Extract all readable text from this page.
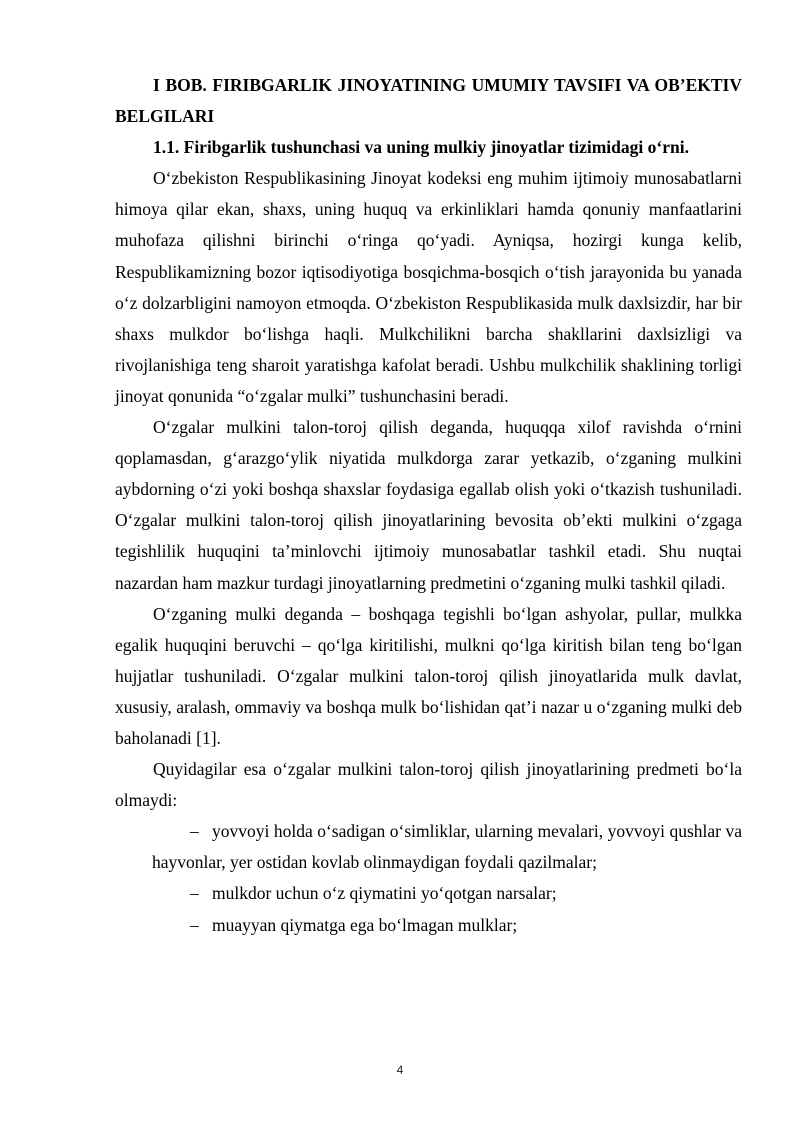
I BOB. FIRIBGARLIK JINOYATINING UMUMIY TAVSIFI VA OB’EKTIV BELGILARI

1.1. Firibgarlik tushunchasi va uning mulkiy jinoyatlar tizimidagi o‘rni.

O‘zbekiston Respublikasining Jinoyat kodeksi eng muhim ijtimoiy munosabatlarni himoya qilar ekan, shaxs, uning huquq va erkinliklari hamda qonuniy manfaatlarini muhofaza qilishni birinchi o‘ringa qo‘yadi. Ayniqsa, hozirgi kunga kelib, Respublikamizning bozor iqtisodiyotiga bosqichma-bosqich o‘tish jarayonida bu yanada o‘z dolzarbligini namoyon etmoqda. O‘zbekiston Respublikasida mulk daxlsizdir, har bir shaxs mulkdor bo‘lishga haqli. Mulkchilikni barcha shakllarini daxlsizligi va rivojlanishiga teng sharoit yaratishga kafolat beradi. Ushbu mulkchilik shaklining torligi jinoyat qonunida “o‘zgalar mulki” tushunchasini beradi.

O‘zgalar mulkini talon-toroj qilish deganda, huquqqa xilof ravishda o‘rnini qoplamasdan, g‘arazgo‘ylik niyatida mulkdorga zarar yetkazib, o‘zganing mulkini aybdorning o‘zi yoki boshqa shaxslar foydasiga egallab olish yoki o‘tkazish tushuniladi. O‘zgalar mulkini talon-toroj qilish jinoyatlarining bevosita ob’ekti mulkini o‘zgaga tegishlilik huquqini ta’minlovchi ijtimoiy munosabatlar tashkil etadi. Shu nuqtai nazardan ham mazkur turdagi jinoyatlarning predmetini o‘zganing mulki tashkil qiladi.

O‘zganing mulki deganda – boshqaga tegishli bo‘lgan ashyolar, pullar, mulkka egalik huquqini beruvchi – qo‘lga kiritilishi, mulkni qo‘lga kiritish bilan teng bo‘lgan hujjatlar tushuniladi. O‘zgalar mulkini talon-toroj qilish jinoyatlarida mulk davlat, xususiy, aralash, ommaviy va boshqa mulk bo‘lishidan qat’i nazar u o‘zganing mulki deb baholanadi [1].

Quyidagilar esa o‘zgalar mulkini talon-toroj qilish jinoyatlarining predmeti bo‘la olmaydi:

– yovvoyi holda o‘sadigan o‘simliklar, ularning mevalari, yovvoyi qushlar va hayvonlar, yer ostidan kovlab olinmaydigan foydali qazilmalar;
– mulkdor uchun o‘z qiymatini yo‘qotgan narsalar;
– muayyan qiymatga ega bo‘lmagan mulklar;
4
